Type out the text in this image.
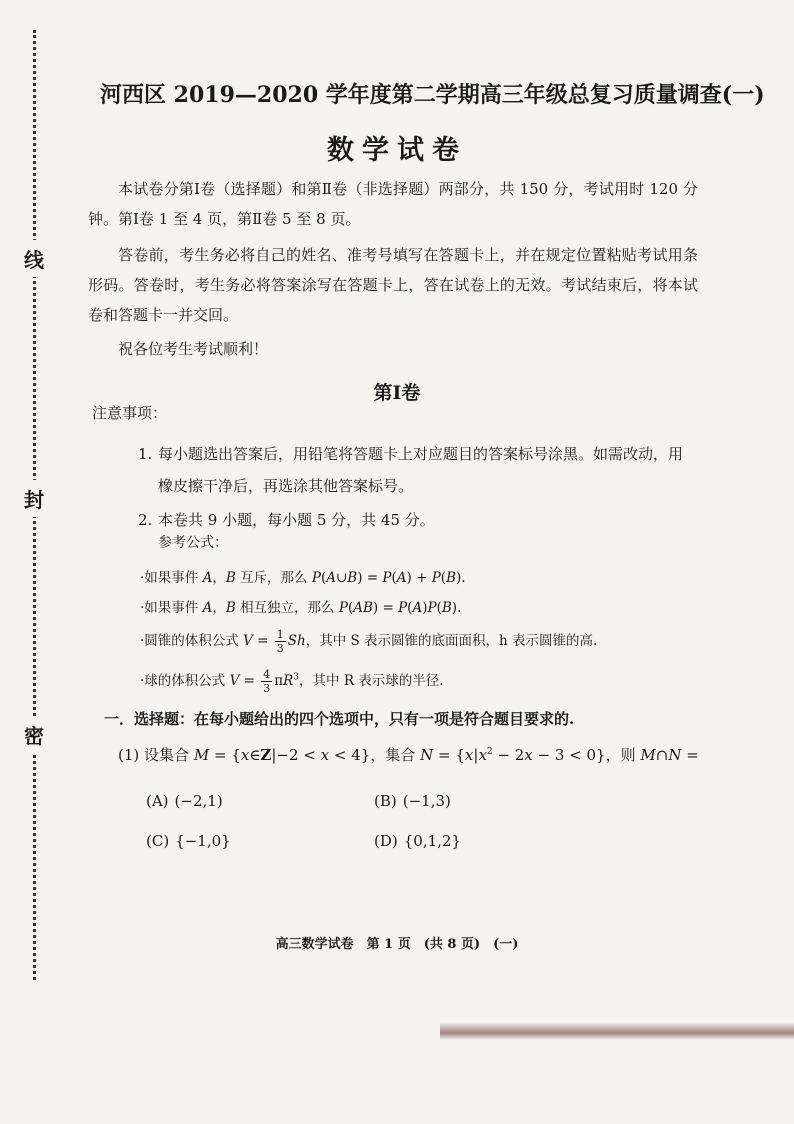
线
封
密
河西区 2019—2020 学年度第二学期高三年级总复习质量调查(一)
数学试卷
本试卷分第Ⅰ卷（选择题）和第Ⅱ卷（非选择题）两部分，共 150 分，考试用时 120 分钟。第Ⅰ卷 1 至 4 页，第Ⅱ卷 5 至 8 页。
答卷前，考生务必将自己的姓名、准考号填写在答题卡上，并在规定位置粘贴考试用条形码。答卷时，考生务必将答案涂写在答题卡上，答在试卷上的无效。考试结束后，将本试卷和答题卡一并交回。
祝各位考生考试顺利！
第Ⅰ卷
注意事项：
1. 每小题选出答案后，用铅笔将答题卡上对应题目的答案标号涂黑。如需改动，用
橡皮擦干净后，再选涂其他答案标号。
2. 本卷共 9 小题，每小题 5 分，共 45 分。
参考公式：
·如果事件 A，B 互斥，那么 P(A∪B) = P(A) + P(B).
·如果事件 A，B 相互独立，那么 P(AB) = P(A)P(B).
·圆锥的体积公式 $V = \frac{1}{3}$ Sh，其中 S 表示圆锥的底面面积，h 表示圆锥的高.
·球的体积公式 $V = \frac{4}{3} \pi R^3$，其中 R 表示球的半径.
一．选择题：在每小题给出的四个选项中，只有一项是符合题目要求的.
(1) 设集合 M = {x∈Z|−2 < x < 4}，集合 $N = \{x|x^2 - 2x - 3 < 0\}$，则 M∩N =
(A) (−2,1)	(B) (−1,3)
(C) {−1,0}	(D) {0,1,2}
高三数学试卷　第 1 页　(共 8 页)　(一)
